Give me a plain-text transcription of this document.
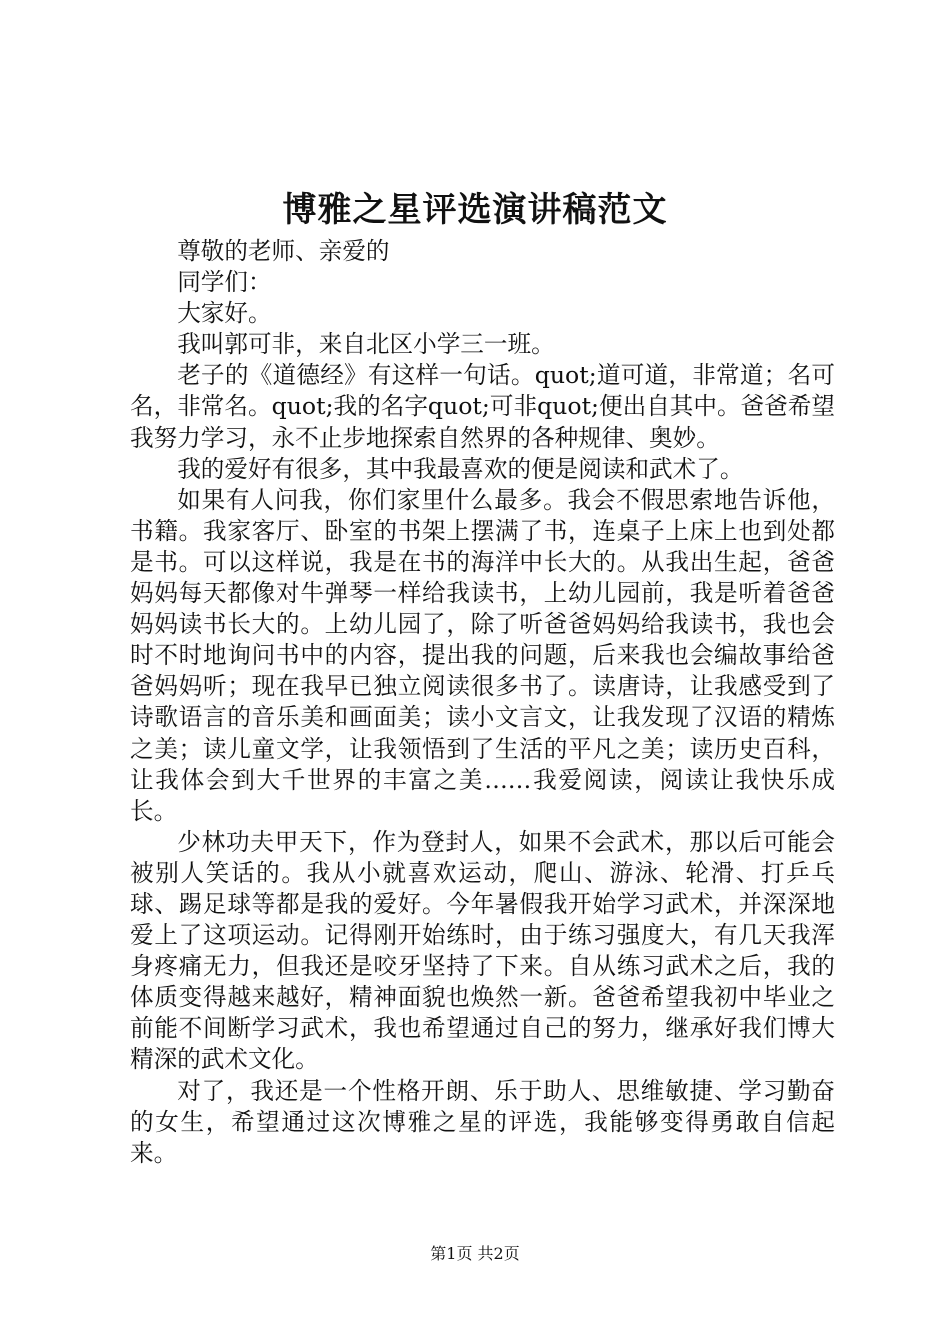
博雅之星评选演讲稿范文

尊敬的老师、亲爱的

同学们：

大家好。

我叫郭可非，来自北区小学三一班。

老子的《道德经》有这样一句话。quot;道可道，非常道；名可名，非常名。quot;我的名字quot;可非quot;便出自其中。爸爸希望我努力学习，永不止步地探索自然界的各种规律、奥妙。

我的爱好有很多，其中我最喜欢的便是阅读和武术了。

如果有人问我，你们家里什么最多。我会不假思索地告诉他，书籍。我家客厅、卧室的书架上摆满了书，连桌子上床上也到处都是书。可以这样说，我是在书的海洋中长大的。从我出生起，爸爸妈妈每天都像对牛弹琴一样给我读书，上幼儿园前，我是听着爸爸妈妈读书长大的。上幼儿园了，除了听爸爸妈妈给我读书，我也会时不时地询问书中的内容，提出我的问题，后来我也会编故事给爸爸妈妈听；现在我早已独立阅读很多书了。读唐诗，让我感受到了诗歌语言的音乐美和画面美；读小文言文，让我发现了汉语的精炼之美；读儿童文学，让我领悟到了生活的平凡之美；读历史百科，让我体会到大千世界的丰富之美……我爱阅读，阅读让我快乐成长。

少林功夫甲天下，作为登封人，如果不会武术，那以后可能会被别人笑话的。我从小就喜欢运动，爬山、游泳、轮滑、打乒乓球、踢足球等都是我的爱好。今年暑假我开始学习武术，并深深地爱上了这项运动。记得刚开始练时，由于练习强度大，有几天我浑身疼痛无力，但我还是咬牙坚持了下来。自从练习武术之后，我的体质变得越来越好，精神面貌也焕然一新。爸爸希望我初中毕业之前能不间断学习武术，我也希望通过自己的努力，继承好我们博大精深的武术文化。

对了，我还是一个性格开朗、乐于助人、思维敏捷、学习勤奋的女生，希望通过这次博雅之星的评选，我能够变得勇敢自信起来。

第1页 共2页
